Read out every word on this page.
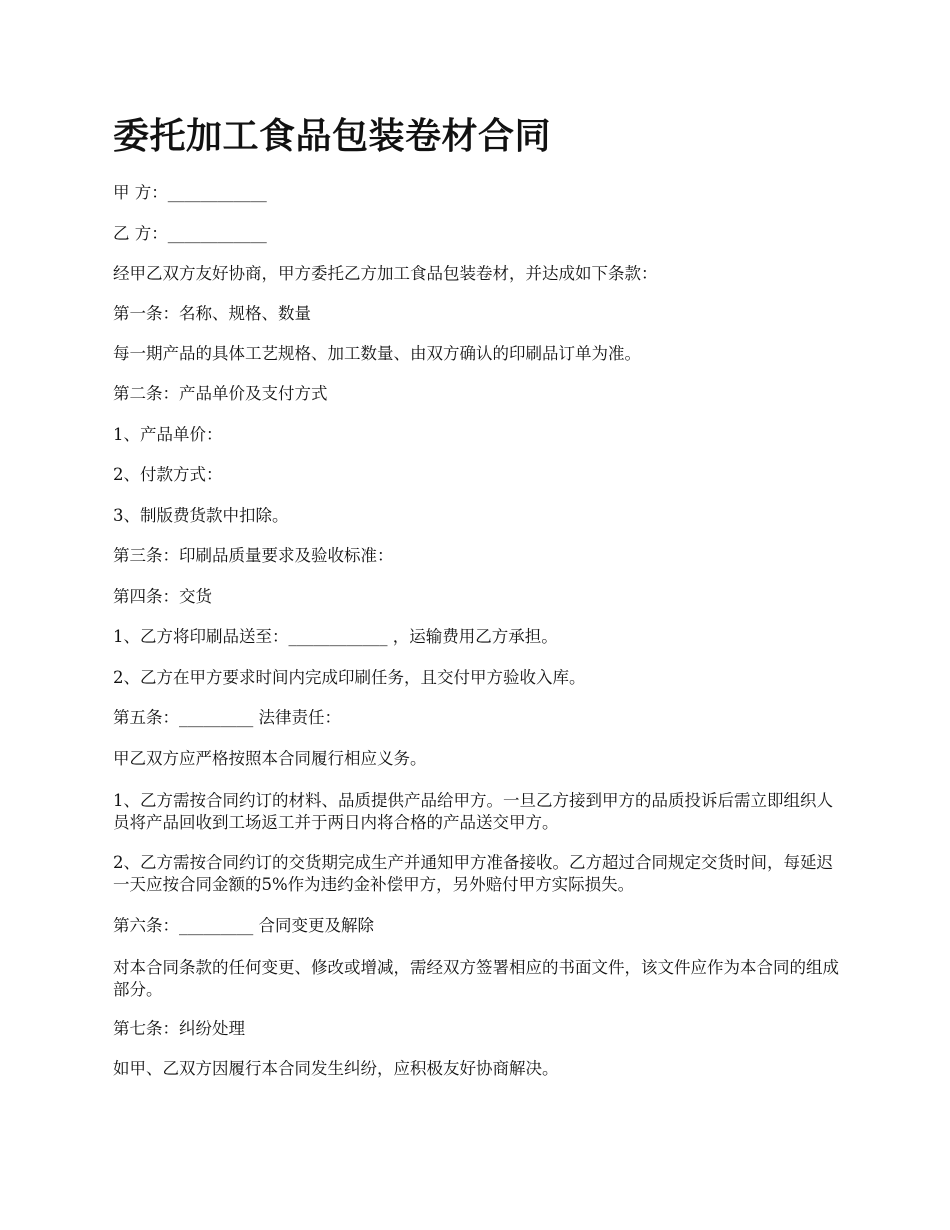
委托加工食品包装卷材合同

甲 方：____________

乙 方：____________

经甲乙双方友好协商，甲方委托乙方加工食品包装卷材，并达成如下条款：

第一条：名称、规格、数量

每一期产品的具体工艺规格、加工数量、由双方确认的印刷品订单为准。

第二条：产品单价及支付方式

1、产品单价：

2、付款方式：

3、制版费货款中扣除。

第三条：印刷品质量要求及验收标准：

第四条：交货

1、乙方将印刷品送至：____________ ，运输费用乙方承担。

2、乙方在甲方要求时间内完成印刷任务，且交付甲方验收入库。

第五条：_________ 法律责任：

甲乙双方应严格按照本合同履行相应义务。

1、乙方需按合同约订的材料、品质提供产品给甲方。一旦乙方接到甲方的品质投诉后需立即组织人员将产品回收到工场返工并于两日内将合格的产品送交甲方。

2、乙方需按合同约订的交货期完成生产并通知甲方准备接收。乙方超过合同规定交货时间，每延迟一天应按合同金额的5%作为违约金补偿甲方，另外赔付甲方实际损失。

第六条：_________ 合同变更及解除

对本合同条款的任何变更、修改或增减，需经双方签署相应的书面文件，该文件应作为本合同的组成部分。

第七条：纠纷处理

如甲、乙双方因履行本合同发生纠纷，应积极友好协商解决。
